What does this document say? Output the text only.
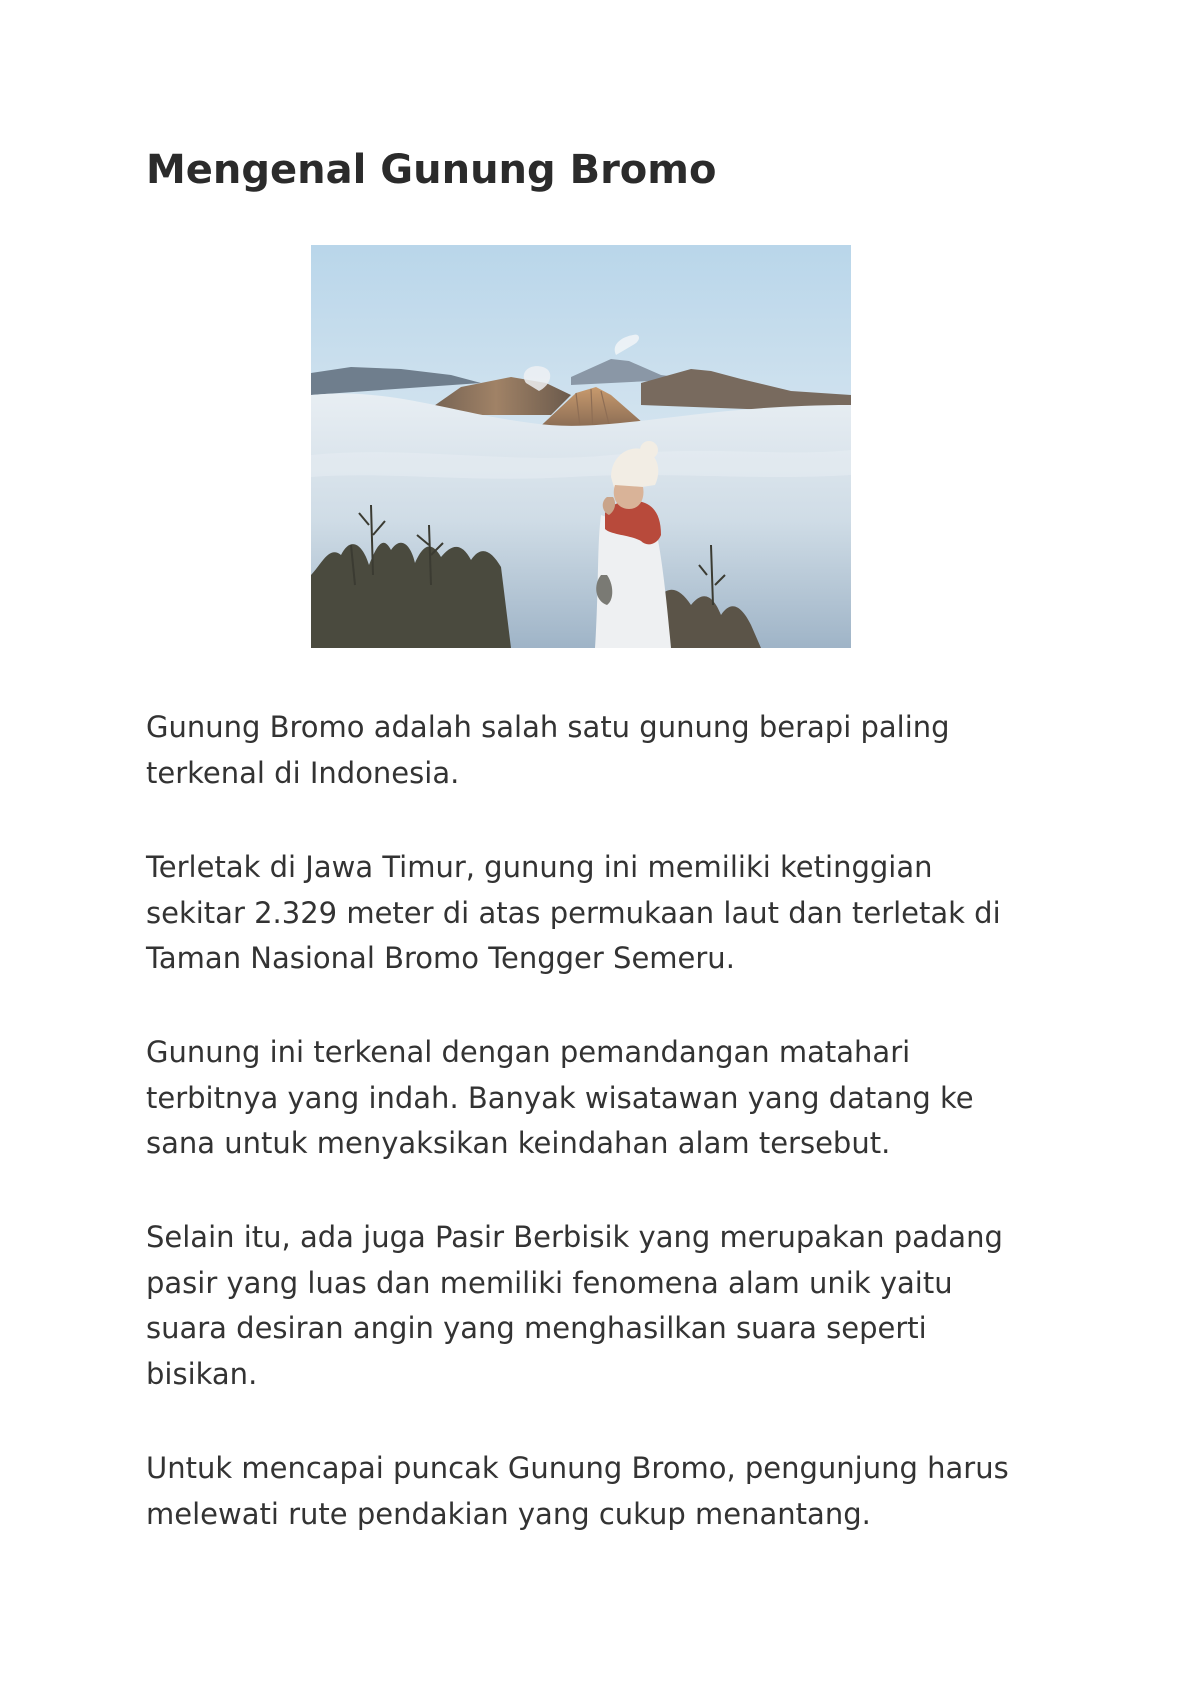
Mengenal Gunung Bromo

Gunung Bromo adalah salah satu gunung berapi paling
terkenal di Indonesia.

Terletak di Jawa Timur, gunung ini memiliki ketinggian
sekitar 2.329 meter di atas permukaan laut dan terletak di
Taman Nasional Bromo Tengger Semeru.

Gunung ini terkenal dengan pemandangan matahari
terbitnya yang indah. Banyak wisatawan yang datang ke
sana untuk menyaksikan keindahan alam tersebut.

Selain itu, ada juga Pasir Berbisik yang merupakan padang
pasir yang luas dan memiliki fenomena alam unik yaitu
suara desiran angin yang menghasilkan suara seperti
bisikan.

Untuk mencapai puncak Gunung Bromo, pengunjung harus
melewati rute pendakian yang cukup menantang.
